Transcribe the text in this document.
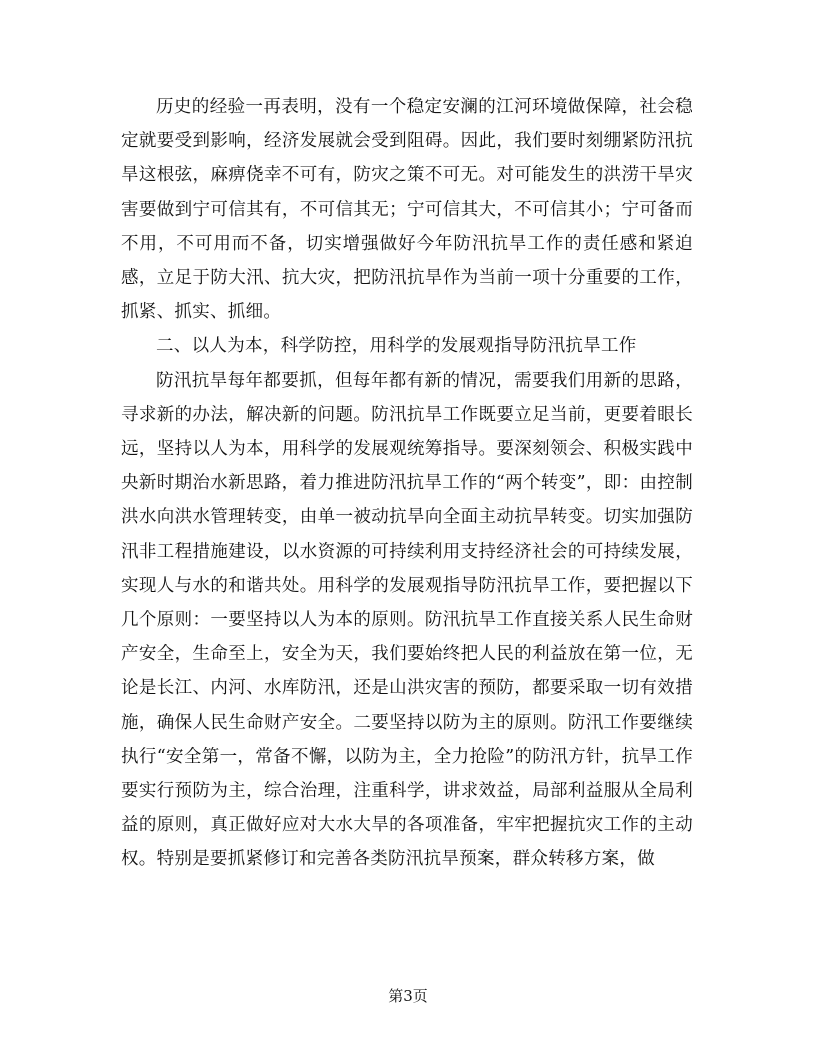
历史的经验一再表明，没有一个稳定安澜的江河环境做保障，社会稳定就要受到影响，经济发展就会受到阻碍。因此，我们要时刻绷紧防汛抗旱这根弦，麻痹侥幸不可有，防灾之策不可无。对可能发生的洪涝干旱灾害要做到宁可信其有，不可信其无；宁可信其大，不可信其小；宁可备而不用，不可用而不备，切实增强做好今年防汛抗旱工作的责任感和紧迫感，立足于防大汛、抗大灾，把防汛抗旱作为当前一项十分重要的工作，抓紧、抓实、抓细。

二、以人为本，科学防控，用科学的发展观指导防汛抗旱工作

防汛抗旱每年都要抓，但每年都有新的情况，需要我们用新的思路，寻求新的办法，解决新的问题。防汛抗旱工作既要立足当前，更要着眼长远，坚持以人为本，用科学的发展观统筹指导。要深刻领会、积极实践中央新时期治水新思路，着力推进防汛抗旱工作的“两个转变”，即：由控制洪水向洪水管理转变，由单一被动抗旱向全面主动抗旱转变。切实加强防汛非工程措施建设，以水资源的可持续利用支持经济社会的可持续发展，实现人与水的和谐共处。用科学的发展观指导防汛抗旱工作，要把握以下几个原则：一要坚持以人为本的原则。防汛抗旱工作直接关系人民生命财产安全，生命至上，安全为天，我们要始终把人民的利益放在第一位，无论是长江、内河、水库防汛，还是山洪灾害的预防，都要采取一切有效措施，确保人民生命财产安全。二要坚持以防为主的原则。防汛工作要继续执行“安全第一，常备不懈，以防为主，全力抢险”的防汛方针，抗旱工作要实行预防为主，综合治理，注重科学，讲求效益，局部利益服从全局利益的原则，真正做好应对大水大旱的各项准备，牢牢把握抗灾工作的主动权。特别是要抓紧修订和完善各类防汛抗旱预案，群众转移方案，做

第3页
